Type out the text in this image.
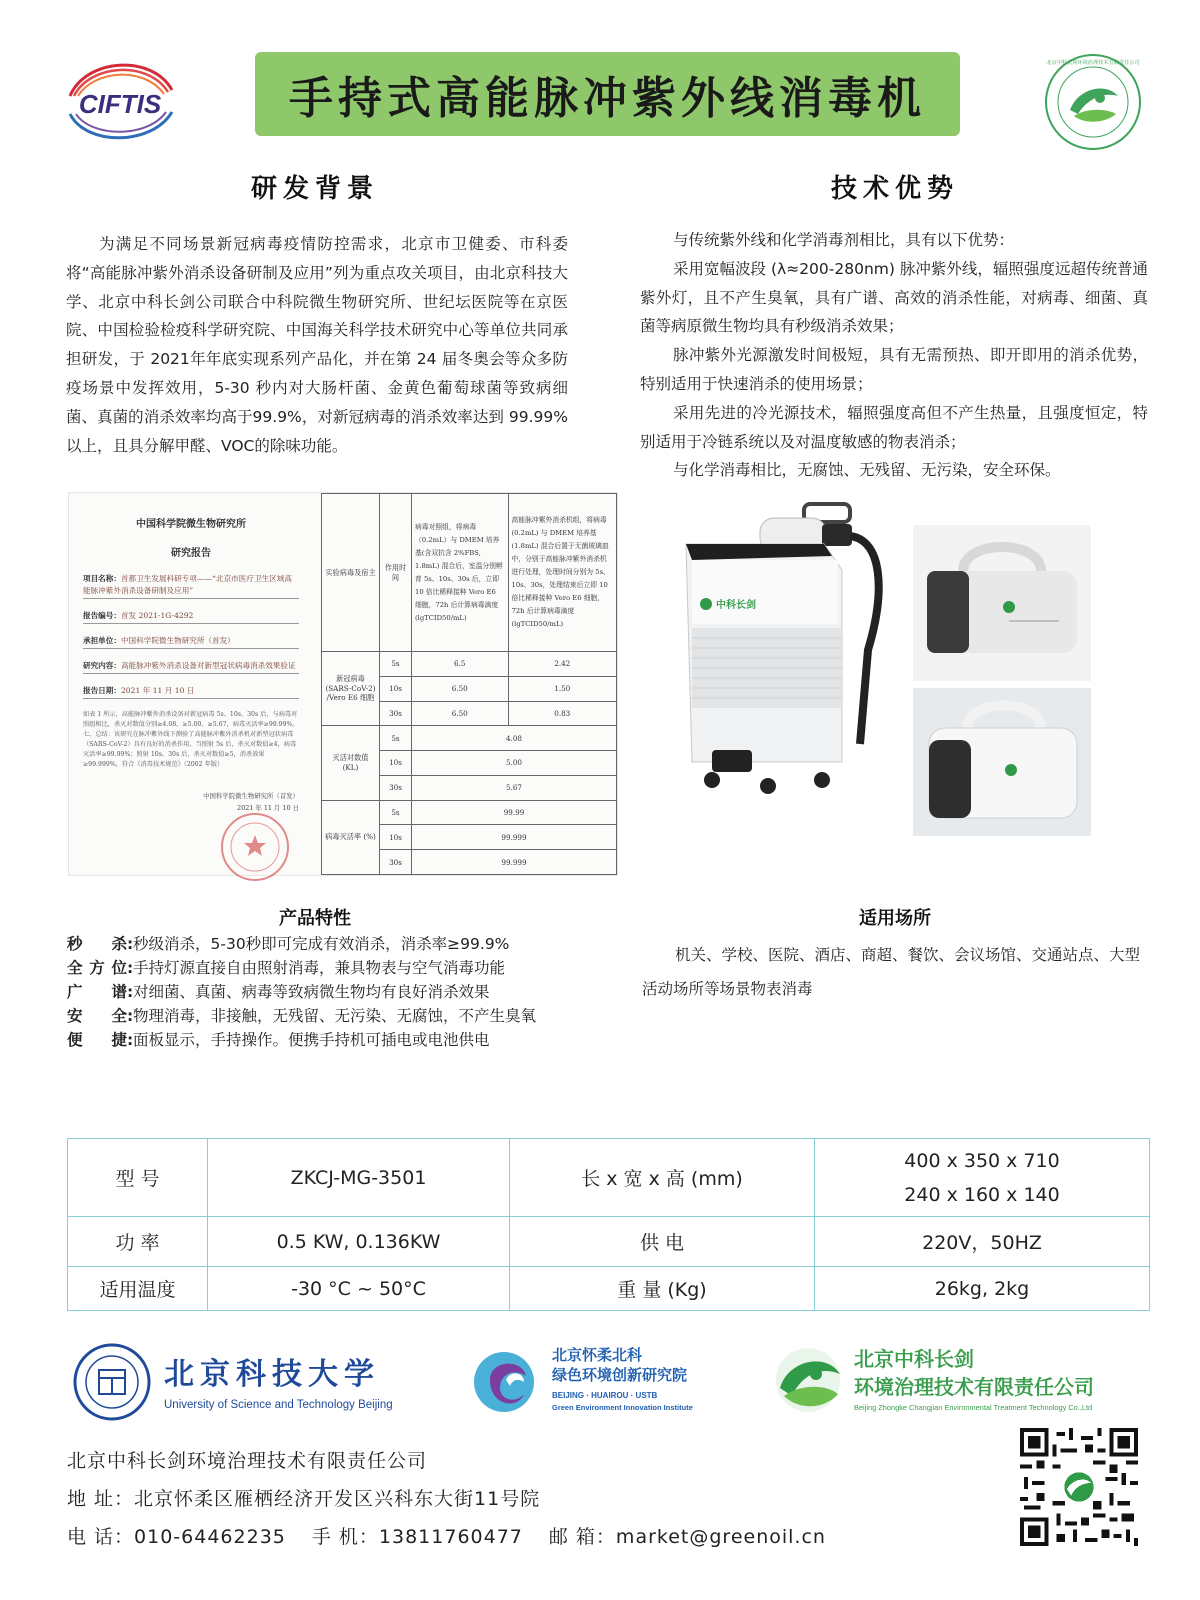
CIFTIS	手持式高能脉冲紫外线消毒机
北京中科长剑环境治理技术有限责任公司
研发背景
为满足不同场景新冠病毒疫情防控需求，北京市卫健委、市科委将“高能脉冲紫外消杀设备研制及应用”列为重点攻关项目，由北京科技大学、北京中科长剑公司联合中科院微生物研究所、世纪坛医院等在京医院、中国检验检疫科学研究院、中国海关科学技术研究中心等单位共同承担研发，于 2021年年底实现系列产品化，并在第 24 届冬奥会等众多防疫场景中发挥效用，5-30 秒内对大肠杆菌、金黄色葡萄球菌等致病细菌、真菌的消杀效率均高于99.9%，对新冠病毒的消杀效率达到 99.99%以上，且具分解甲醛、VOC的除味功能。
技术优势

与传统紫外线和化学消毒剂相比，具有以下优势：

采用宽幅波段 (λ≈200-280nm) 脉冲紫外线，辐照强度远超传统普通紫外灯，且不产生臭氧，具有广谱、高效的消杀性能，对病毒、细菌、真菌等病原微生物均具有秒级消杀效果；

脉冲紫外光源激发时间极短，具有无需预热、即开即用的消杀优势，特别适用于快速消杀的使用场景；

采用先进的冷光源技术，辐照强度高但不产生热量，且强度恒定，特别适用于冷链系统以及对温度敏感的物表消杀；

与化学消毒相比，无腐蚀、无残留、无污染，安全环保。

中国科学院微生物研究所
研究报告
项目名称：首都卫生发展科研专项——“北京市医疗卫生区域高能脉冲紫外消杀设备研制及应用”
报告编号：首发 2021-1G-4292
承担单位：中国科学院微生物研究所（首发）
研究内容：高能脉冲紫外消杀设备对新型冠状病毒消杀效果验证
报告日期：2021 年 11 月 10 日
如表 1 所示，高能脉冲紫外消杀设备对新冠病毒 5s、10s、30s 后，与病毒对照组相比，杀灭对数值分别≥4.08、≥5.00、≥5.67，病毒灭活率≥99.99%。七、总结：该研究在脉冲紫外线下测验了高能脉冲紫外消杀机对新型冠状病毒（SARS-CoV-2）具有良好的消杀作用，当照射 5s 后，杀灭对数值≥4，病毒灭活率≥99.99%；照射 10s、30s 后，杀灭对数值≥5，消杀效果≥99.999%，符合《消毒技术规范》（2002 年版）
中国科学院微生物研究所（首发）
2021 年 11 月 10 日
实验病毒及宿主	作用时间	病毒对照组，将病毒（0.2mL）与 DMEM 培养基(含双抗含 2%FBS, 1.8mL) 混合后，室温分别孵育 5s、10s、30s 后，立即 10 倍比稀释接种 Vero E6 细胞，72h 后计算病毒滴度 (lgTCID50/mL)	高能脉冲紫外消杀机组，将病毒 (0.2mL) 与 DMEM 培养基 (1.8mL) 混合后置于无菌玻璃皿中，分别于高能脉冲紫外消杀机进行处理，处理时间分别为 5s、10s、30s，处理结束后立即 10 倍比稀释接种 Vero E6 细胞，72h 后计算病毒滴度 (lgTCID50/mL)
新冠病毒 (SARS-CoV-2) /Vero E6 细胞	5s	6.5	2.42
	10s	6.50	1.50
	30s	6.50	0.83
灭活对数值 (KL)	5s	4.08	
	10s	5.00	
	30s	5.67	
病毒灭活率 (%)	5s	99.99	
	10s	99.999	
	30s	99.999	
中科长剑
产品特性
秒杀 : 秒级消杀，5-30秒即可完成有效消杀，消杀率≥99.9%
全方位 : 手持灯源直接自由照射消毒，兼具物表与空气消毒功能
广谱 : 对细菌、真菌、病毒等致病微生物均有良好消杀效果
安全 : 物理消毒，非接触，无残留、无污染、无腐蚀，不产生臭氧
便捷 : 面板显示，手持操作。便携手持机可插电或电池供电
适用场所
机关、学校、医院、酒店、商超、餐饮、会议场馆、交通站点、大型活动场所等场景物表消毒
型 号	ZKCJ-MG-3501	长 x 宽 x 高 (mm)	400 x 350 x 710
240 x 160 x 140

功 率	0.5 KW, 0.136KW	供 电	220V，50HZ
适用温度	-30 °C ~ 50°C	重 量 (Kg)	26kg, 2kg
北京科技大学
University of Science and Technology Beijing
北京怀柔北科
绿色环境创新研究院
BEIJING · HUAIROU · USTB
Green Environment Innovation Institute
北京中科长剑
环境治理技术有限责任公司
Beijing Zhongke Changjian Environmental Treatment Technology Co.,Ltd
北京中科长剑环境治理技术有限责任公司
地 址：北京怀柔区雁栖经济开发区兴科东大街11号院
电 话：010-64462235 手 机：13811760477 邮 箱：market@greenoil.cn
